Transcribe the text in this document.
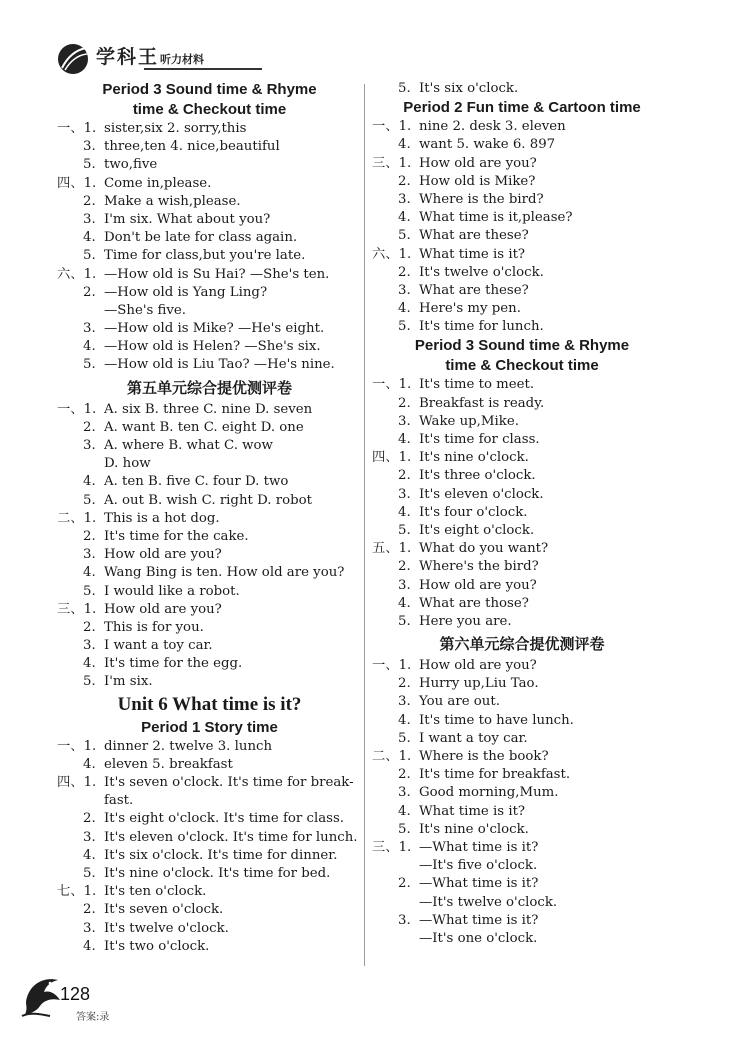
学科王 听力材料
Period 3 Sound time & Rhyme
time & Checkout time
一、1. sister,six 2. sorry,this
3. three,ten 4. nice,beautiful
5. two,five
四、1. Come in,please.
2. Make a wish,please.
3. I'm six. What about you?
4. Don't be late for class again.
5. Time for class,but you're late.
六、1. —How old is Su Hai? —She's ten.
2. —How old is Yang Ling?
—She's five.
3. —How old is Mike? —He's eight.
4. —How old is Helen? —She's six.
5. —How old is Liu Tao? —He's nine.
第五单元综合提优测评卷
一、1. A. six B. three C. nine D. seven
2. A. want B. ten C. eight D. one
3. A. where B. what C. wow
D. how
4. A. ten B. five C. four D. two
5. A. out B. wish C. right D. robot
二、1. This is a hot dog.
2. It's time for the cake.
3. How old are you?
4. Wang Bing is ten. How old are you?
5. I would like a robot.
三、1. How old are you?
2. This is for you.
3. I want a toy car.
4. It's time for the egg.
5. I'm six.
Unit 6 What time is it?
Period 1 Story time
一、1. dinner 2. twelve 3. lunch
4. eleven 5. breakfast
四、1. It's seven o'clock. It's time for break-
fast.
2. It's eight o'clock. It's time for class.
3. It's eleven o'clock. It's time for lunch.
4. It's six o'clock. It's time for dinner.
5. It's nine o'clock. It's time for bed.
七、1. It's ten o'clock.
2. It's seven o'clock.
3. It's twelve o'clock.
4. It's two o'clock.
5. It's six o'clock.
Period 2 Fun time & Cartoon time
一、1. nine 2. desk 3. eleven
4. want 5. wake 6. 897
三、1. How old are you?
2. How old is Mike?
3. Where is the bird?
4. What time is it,please?
5. What are these?
六、1. What time is it?
2. It's twelve o'clock.
3. What are these?
4. Here's my pen.
5. It's time for lunch.
Period 3 Sound time & Rhyme
time & Checkout time
一、1. It's time to meet.
2. Breakfast is ready.
3. Wake up,Mike.
4. It's time for class.
四、1. It's nine o'clock.
2. It's three o'clock.
3. It's eleven o'clock.
4. It's four o'clock.
5. It's eight o'clock.
五、1. What do you want?
2. Where's the bird?
3. How old are you?
4. What are those?
5. Here you are.
第六单元综合提优测评卷
一、1. How old are you?
2. Hurry up,Liu Tao.
3. You are out.
4. It's time to have lunch.
5. I want a toy car.
二、1. Where is the book?
2. It's time for breakfast.
3. Good morning,Mum.
4. What time is it?
5. It's nine o'clock.
三、1. —What time is it?
—It's five o'clock.
2. —What time is it?
—It's twelve o'clock.
3. —What time is it?
—It's one o'clock.
128
答案:录
